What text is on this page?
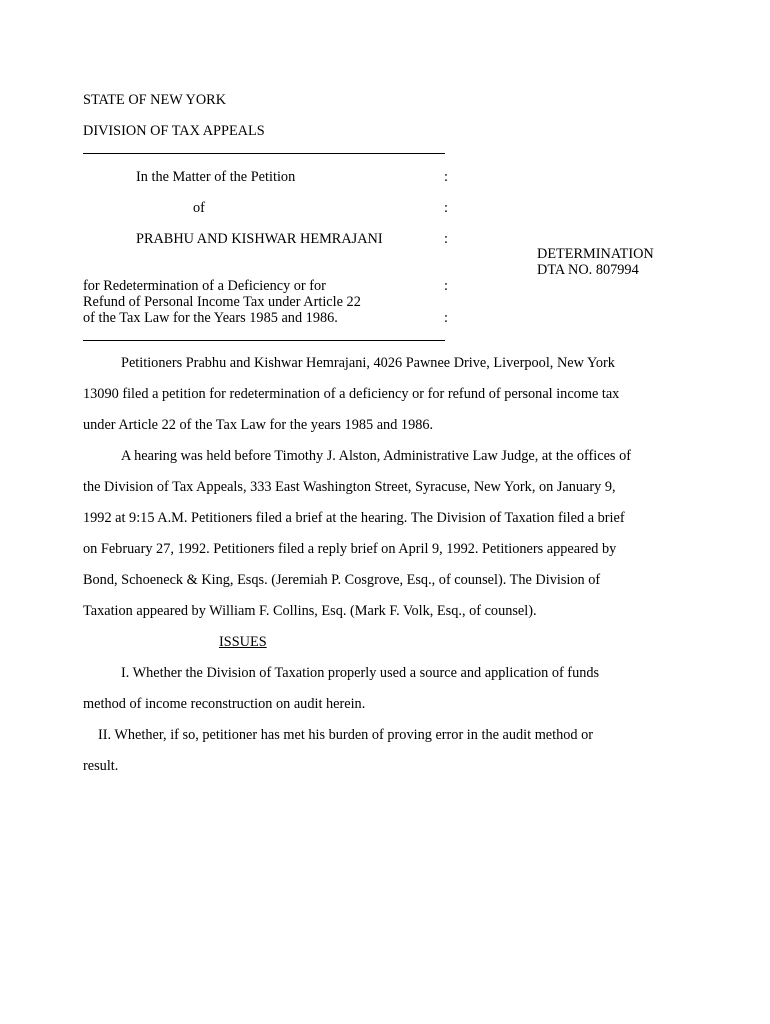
STATE OF NEW YORK
DIVISION OF TAX APPEALS
In the Matter of the Petition	:
of	:
PRABHU AND KISHWAR HEMRAJANI	:
DETERMINATION
DTA NO. 807994
for Redetermination of a Deficiency or for	:
Refund of Personal Income Tax under Article 22
of the Tax Law for the Years 1985 and 1986.	:
Petitioners Prabhu and Kishwar Hemrajani, 4026 Pawnee Drive, Liverpool, New York
13090 filed a petition for redetermination of a deficiency or for refund of personal income tax
under Article 22 of the Tax Law for the years 1985 and 1986.
A hearing was held before Timothy J. Alston, Administrative Law Judge, at the offices of
the Division of Tax Appeals, 333 East Washington Street, Syracuse, New York, on January 9,
1992 at 9:15 A.M. Petitioners filed a brief at the hearing. The Division of Taxation filed a brief
on February 27, 1992. Petitioners filed a reply brief on April 9, 1992. Petitioners appeared by
Bond, Schoeneck & King, Esqs. (Jeremiah P. Cosgrove, Esq., of counsel). The Division of
Taxation appeared by William F. Collins, Esq. (Mark F. Volk, Esq., of counsel).
ISSUES
I. Whether the Division of Taxation properly used a source and application of funds
method of income reconstruction on audit herein.
II. Whether, if so, petitioner has met his burden of proving error in the audit method or
result.
